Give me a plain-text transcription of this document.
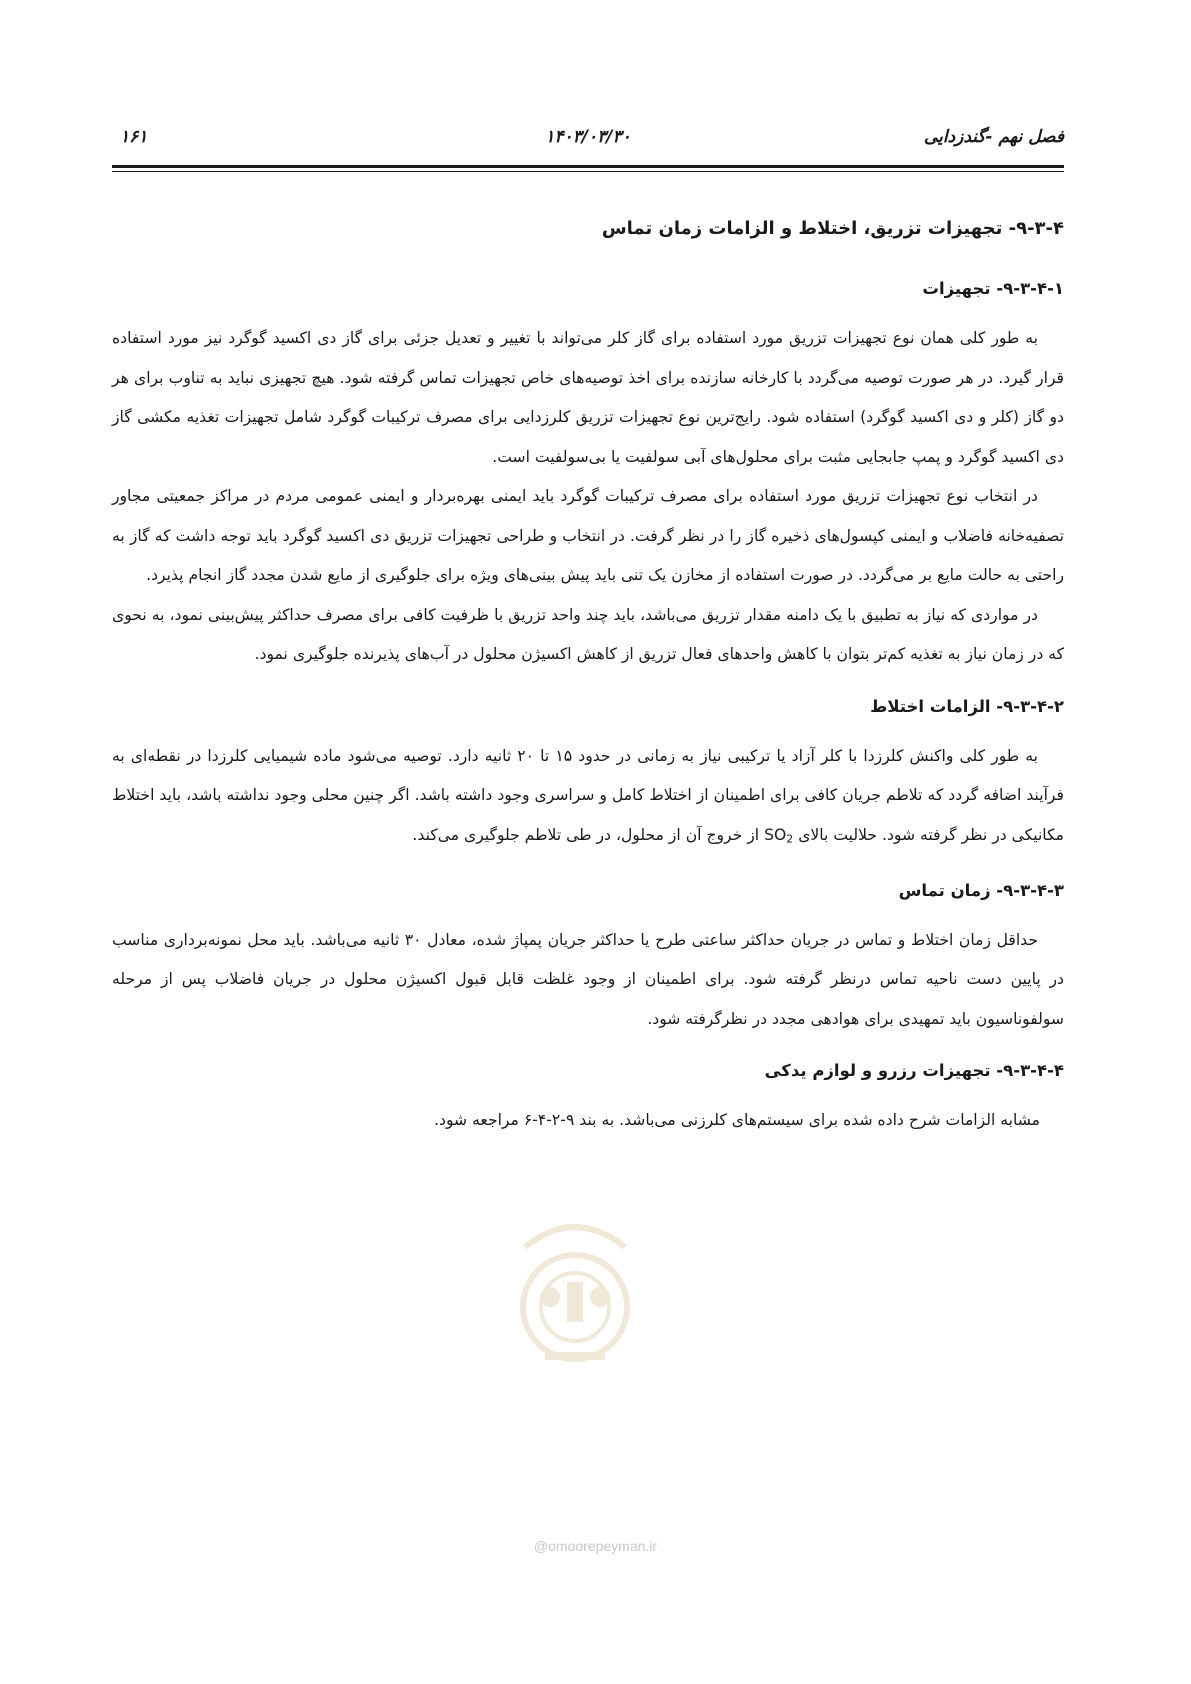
فصل نهم -گندزدایی
۱۴۰۳/۰۳/۳۰
۱۶۱
۹-۳-۴- تجهیزات تزریق، اختلاط و الزامات زمان تماس
۹-۳-۴-۱- تجهیزات

به طور کلی همان نوع تجهیزات تزریق مورد استفاده برای گاز کلر می‌تواند با تغییر و تعدیل جزئی برای گاز دی اکسید گوگرد نیز مورد استفاده قرار گیرد. در هر صورت توصیه می‌گردد با کارخانه سازنده برای اخذ توصیه‌های خاص تجهیزات تماس گرفته شود. هیچ تجهیزی نباید به تناوب برای هر دو گاز (کلر و دی اکسید گوگرد) استفاده شود. رایج‌ترین نوع تجهیزات تزریق کلرزدایی برای مصرف ترکیبات گوگرد شامل تجهیزات تغذیه مکشی گاز دی اکسید گوگرد و پمپ جابجایی مثبت برای محلول‌های آبی سولفیت یا بی‌سولفیت است.

در انتخاب نوع تجهیزات تزریق مورد استفاده برای مصرف ترکیبات گوگرد باید ایمنی بهره‌بردار و ایمنی عمومی مردم در مراکز جمعیتی مجاور تصفیه‌خانه فاضلاب و ایمنی کپسول‌های ذخیره گاز را در نظر گرفت. در انتخاب و طراحی تجهیزات تزریق دی اکسید گوگرد باید توجه داشت که گاز به راحتی به حالت مایع بر می‌گردد. در صورت استفاده از مخازن یک تنی باید پیش بینی‌های ویژه برای جلوگیری از مایع شدن مجدد گاز انجام پذیرد.

در مواردی که نیاز به تطبیق با یک دامنه مقدار تزریق می‌باشد، باید چند واحد تزریق با ظرفیت کافی برای مصرف حداکثر پیش‌بینی نمود، به نحوی که در زمان نیاز به تغذیه کم‌تر بتوان با کاهش واحدهای فعال تزریق از کاهش اکسیژن محلول در آب‌های پذیرنده جلوگیری نمود.

۹-۳-۴-۲- الزامات اختلاط

به طور کلی واکنش کلرزدا با کلر آزاد یا ترکیبی نیاز به زمانی در حدود ۱۵ تا ۲۰ ثانیه دارد. توصیه می‌شود ماده شیمیایی کلرزدا در نقطه‌ای به فرآیند اضافه گردد که تلاطم جریان کافی برای اطمینان از اختلاط کامل و سراسری وجود داشته باشد. اگر چنین محلی وجود نداشته باشد، باید اختلاط مکانیکی در نظر گرفته شود. حلالیت بالای $SO_2$ از خروج آن از محلول، در طی تلاطم جلوگیری می‌کند.

۹-۳-۴-۳- زمان تماس

حداقل زمان اختلاط و تماس در جریان حداکثر ساعتی طرح یا حداکثر جریان پمپاژ شده، معادل ۳۰ ثانیه می‌باشد. باید محل نمونه‌برداری مناسب در پایین دست ناحیه تماس درنظر گرفته شود. برای اطمینان از وجود غلظت قابل قبول اکسیژن محلول در جریان فاضلاب پس از مرحله سولفوناسیون باید تمهیدی برای هوادهی مجدد در نظرگرفته شود.

۹-۳-۴-۴- تجهیزات رزرو و لوازم یدکی

مشابه الزامات شرح داده شده برای سیستم‌های کلرزنی می‌باشد. به بند ۹-۲-۴-۶ مراجعه شود.

@omoorepeyman.ir
